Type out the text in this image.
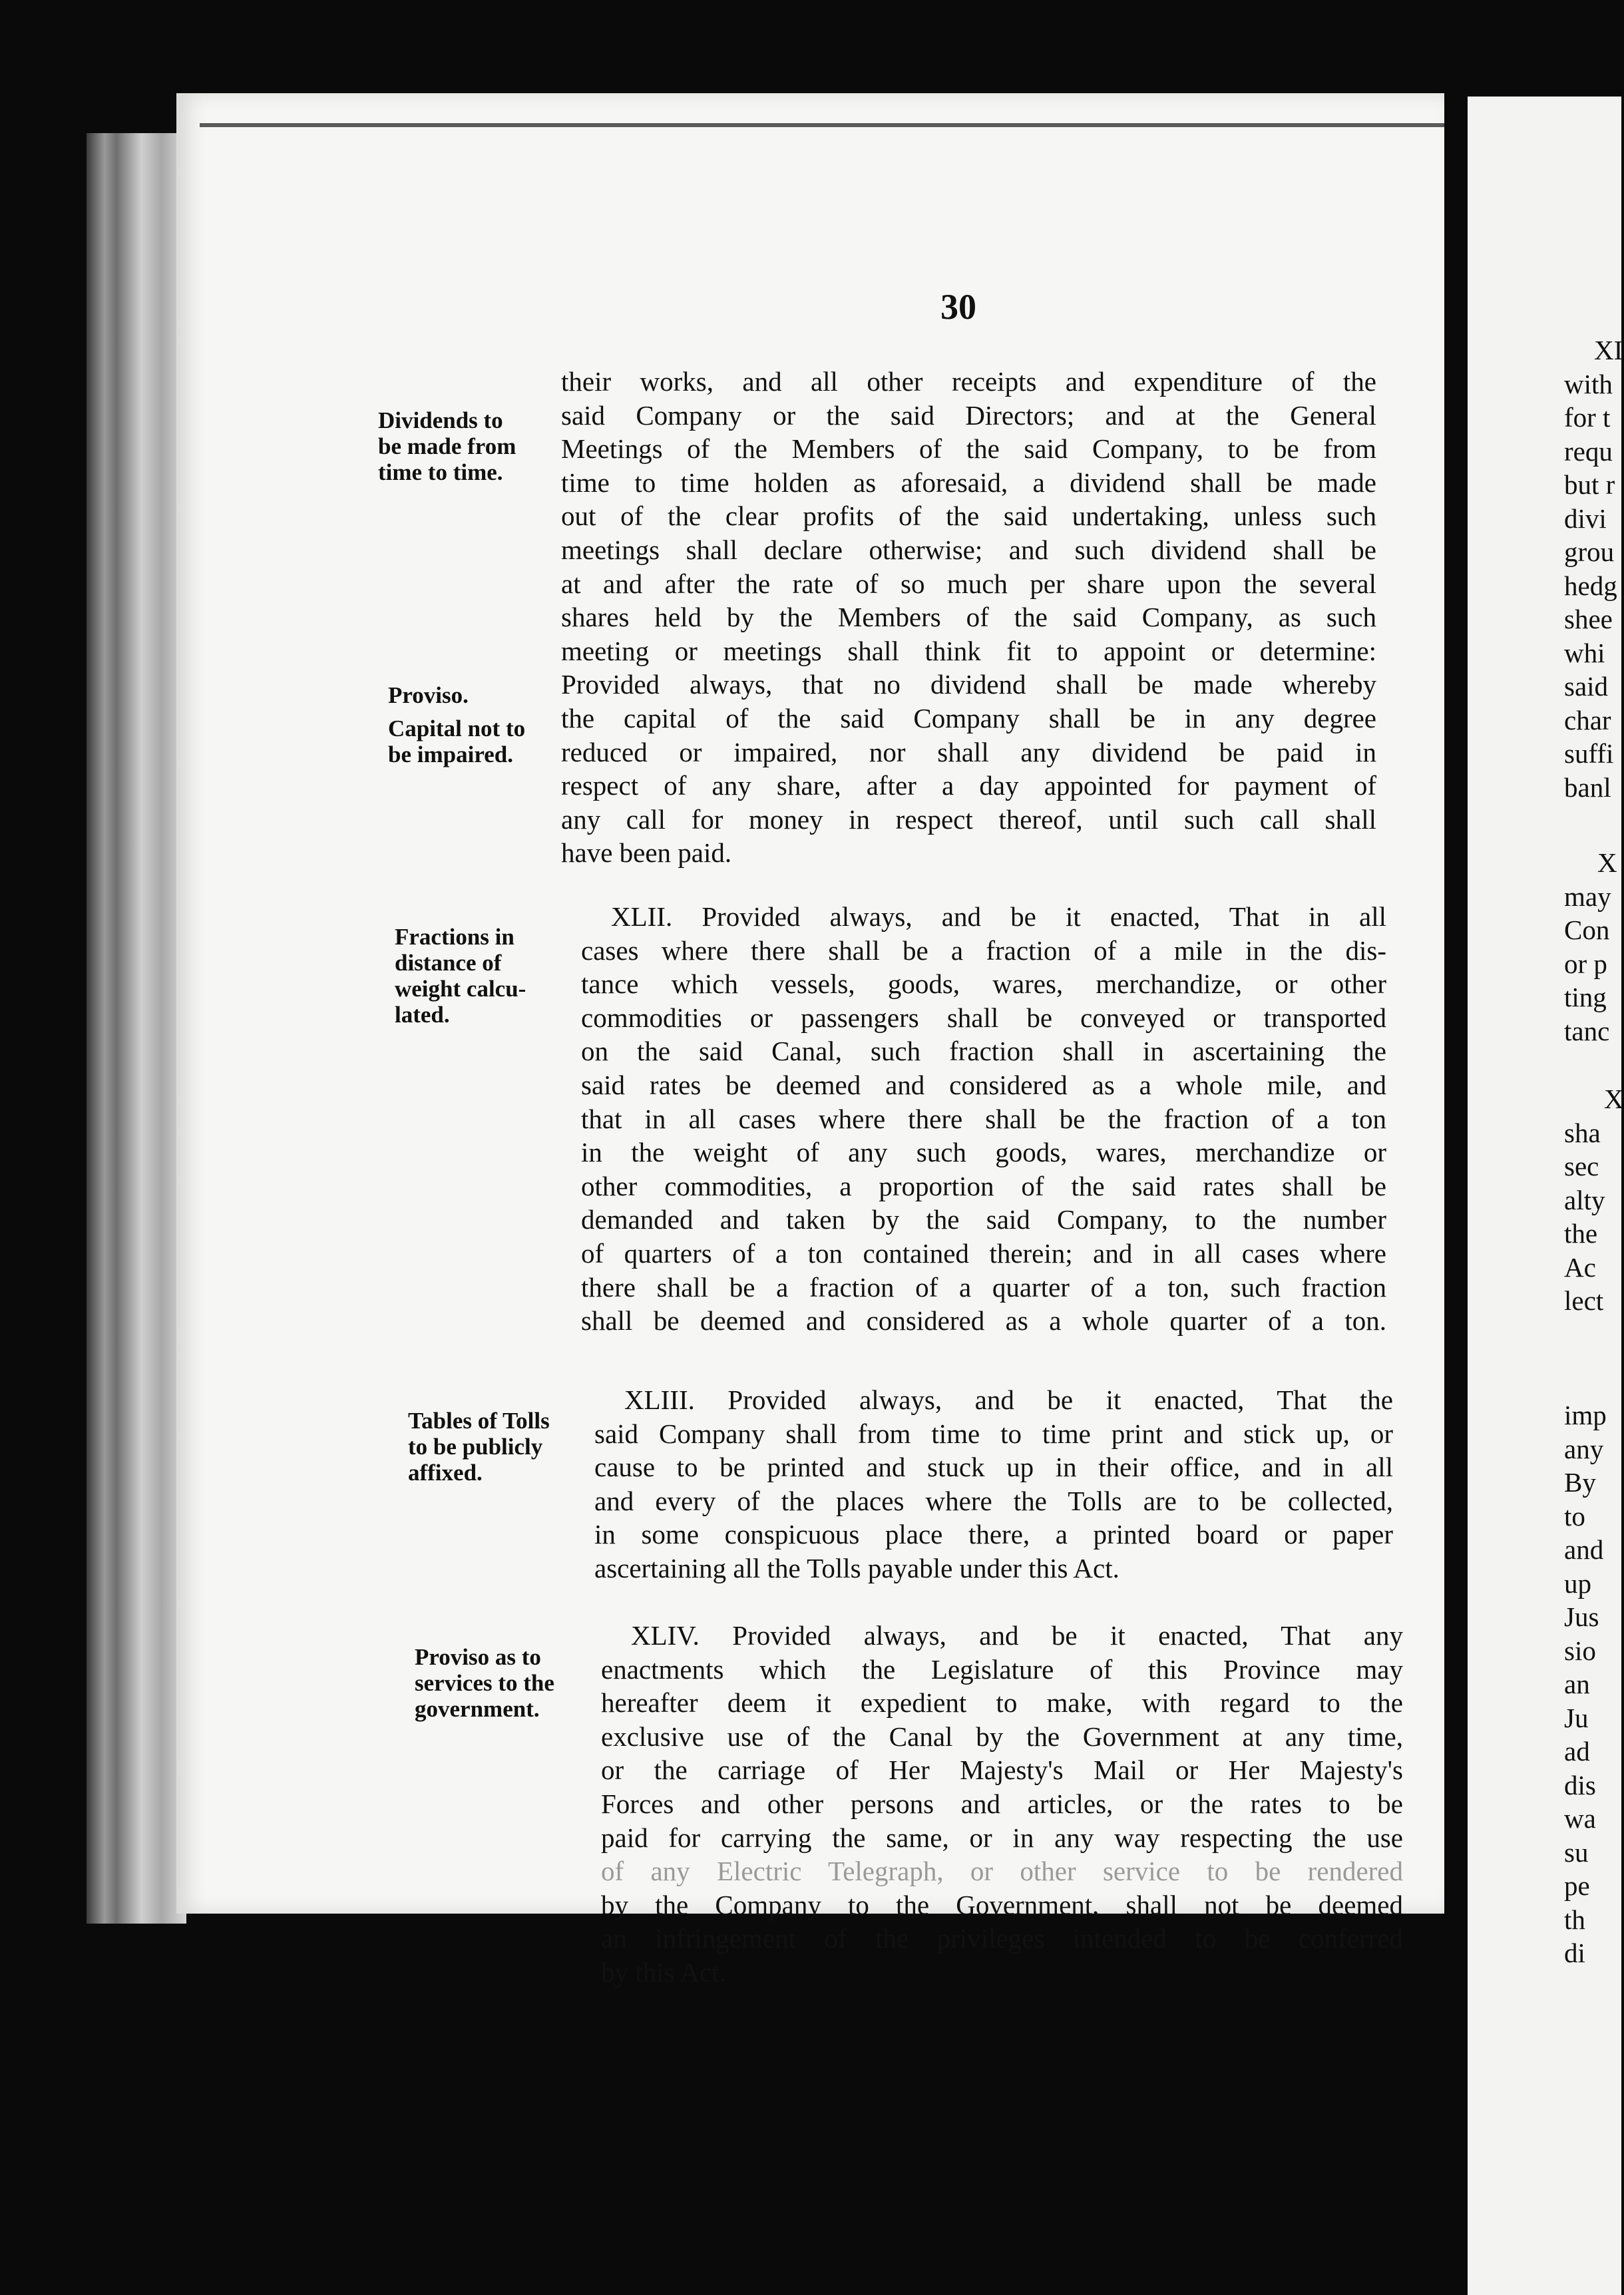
30
Dividends to
be made from
time to time.
Proviso.
Capital not to
be impaired.
Fractions in
distance of
weight calcu-
lated.
Tables of Tolls
to be publicly
affixed.
Proviso as to
services to the
government.
their works, and all other receipts and expenditure of the
said Company or the said Directors; and at the General
Meetings of the Members of the said Company, to be from
time to time holden as aforesaid, a dividend shall be made
out of the clear profits of the said undertaking, unless such
meetings shall declare otherwise; and such dividend shall be
at and after the rate of so much per share upon the several
shares held by the Members of the said Company, as such
meeting or meetings shall think fit to appoint or determine:
Provided always, that no dividend shall be made whereby
the capital of the said Company shall be in any degree
reduced or impaired, nor shall any dividend be paid in
respect of any share, after a day appointed for payment of
any call for money in respect thereof, until such call shall
have been paid.
XLII. Provided always, and be it enacted, That in all
cases where there shall be a fraction of a mile in the dis-
tance which vessels, goods, wares, merchandize, or other
commodities or passengers shall be conveyed or transported
on the said Canal, such fraction shall in ascertaining the
said rates be deemed and considered as a whole mile, and
that in all cases where there shall be the fraction of a ton
in the weight of any such goods, wares, merchandize or
other commodities, a proportion of the said rates shall be
demanded and taken by the said Company, to the number
of quarters of a ton contained therein; and in all cases where
there shall be a fraction of a quarter of a ton, such fraction
shall be deemed and considered as a whole quarter of a ton.
XLIII. Provided always, and be it enacted, That the
said Company shall from time to time print and stick up, or
cause to be printed and stuck up in their office, and in all
and every of the places where the Tolls are to be collected,
in some conspicuous place there, a printed board or paper
ascertaining all the Tolls payable under this Act.
XLIV. Provided always, and be it enacted, That any
enactments which the Legislature of this Province may
hereafter deem it expedient to make, with regard to the
exclusive use of the Canal by the Government at any time,
or the carriage of Her Majesty's Mail or Her Majesty's
Forces and other persons and articles, or the rates to be
paid for carrying the same, or in any way respecting the use
of any Electric Telegraph, or other service to be rendered
by the Company to the Government, shall not be deemed
an infringement of the privileges intended to be conferred
by this Act.
XI
with
for t
requ
but r
divi
grou
hedg
shee
whi
said
char
suffi
banl
X
may
Con
or p
ting
tanc
X
sha
sec
alty
the
Ac
lect
imp
any
By
to
and
up
Jus
sio
an
Ju
ad
dis
wa
su
pe
th
di
